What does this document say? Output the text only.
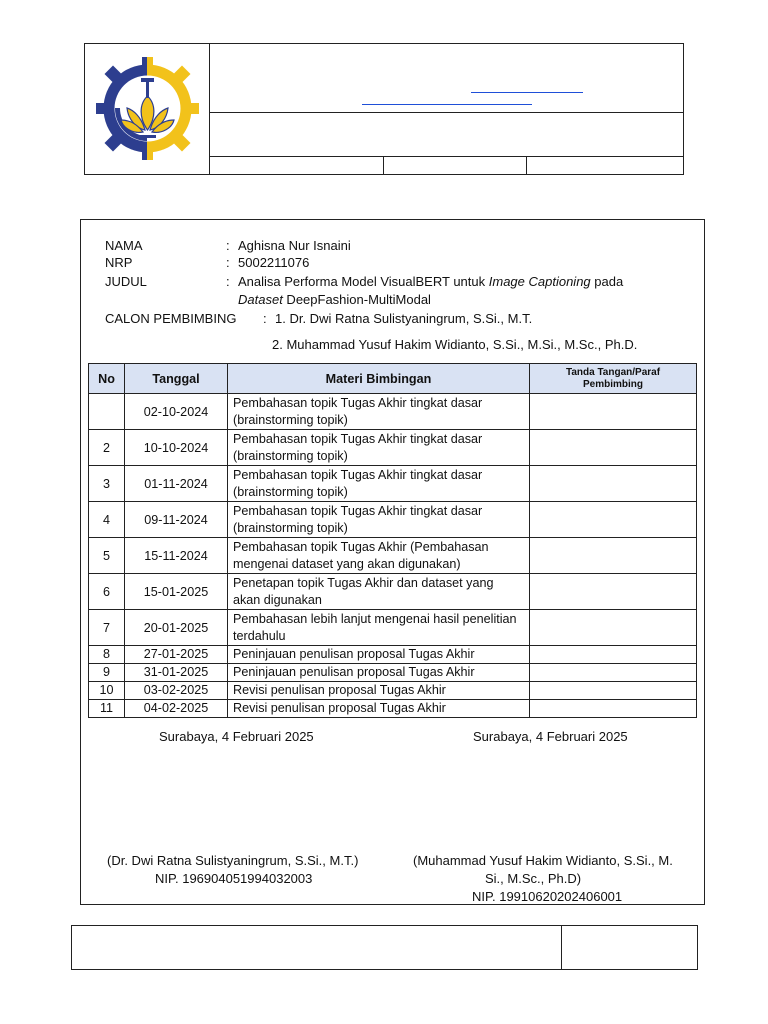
NAMA	: Aghisna Nur Isnaini
NRP	: 5002211076
JUDUL	: Analisa Performa Model VisualBERT untuk Image Captioning pada
Dataset DeepFashion-MultiModal
CALON PEMBIMBING : 1. Dr. Dwi Ratna Sulistyaningrum, S.Si., M.T.
2. Muhammad Yusuf Hakim Widianto, S.Si., M.Si., M.Sc., Ph.D.
No	Tanggal	Materi Bimbingan	Tanda Tangan/Paraf Pembimbing
	02-10-2024	Pembahasan topik Tugas Akhir tingkat dasar (brainstorming topik)	
2	10-10-2024	Pembahasan topik Tugas Akhir tingkat dasar (brainstorming topik)	
3	01-11-2024	Pembahasan topik Tugas Akhir tingkat dasar (brainstorming topik)	
4	09-11-2024	Pembahasan topik Tugas Akhir tingkat dasar (brainstorming topik)	
5	15-11-2024	Pembahasan topik Tugas Akhir (Pembahasan mengenai dataset yang akan digunakan)	
6	15-01-2025	Penetapan topik Tugas Akhir dan dataset yang akan digunakan	
7	20-01-2025	Pembahasan lebih lanjut mengenai hasil penelitian terdahulu	
8	27-01-2025	Peninjauan penulisan proposal Tugas Akhir	
9	31-01-2025	Peninjauan penulisan proposal Tugas Akhir	
10	03-02-2025	Revisi penulisan proposal Tugas Akhir	
11	04-02-2025	Revisi penulisan proposal Tugas Akhir	
Surabaya, 4 Februari 2025	Surabaya, 4 Februari 2025
(Dr. Dwi Ratna Sulistyaningrum, S.Si., M.T.)
NIP. 196904051994032003
(Muhammad Yusuf Hakim Widianto, S.Si., M.
Si., M.Sc., Ph.D)
NIP. 19910620202406001
